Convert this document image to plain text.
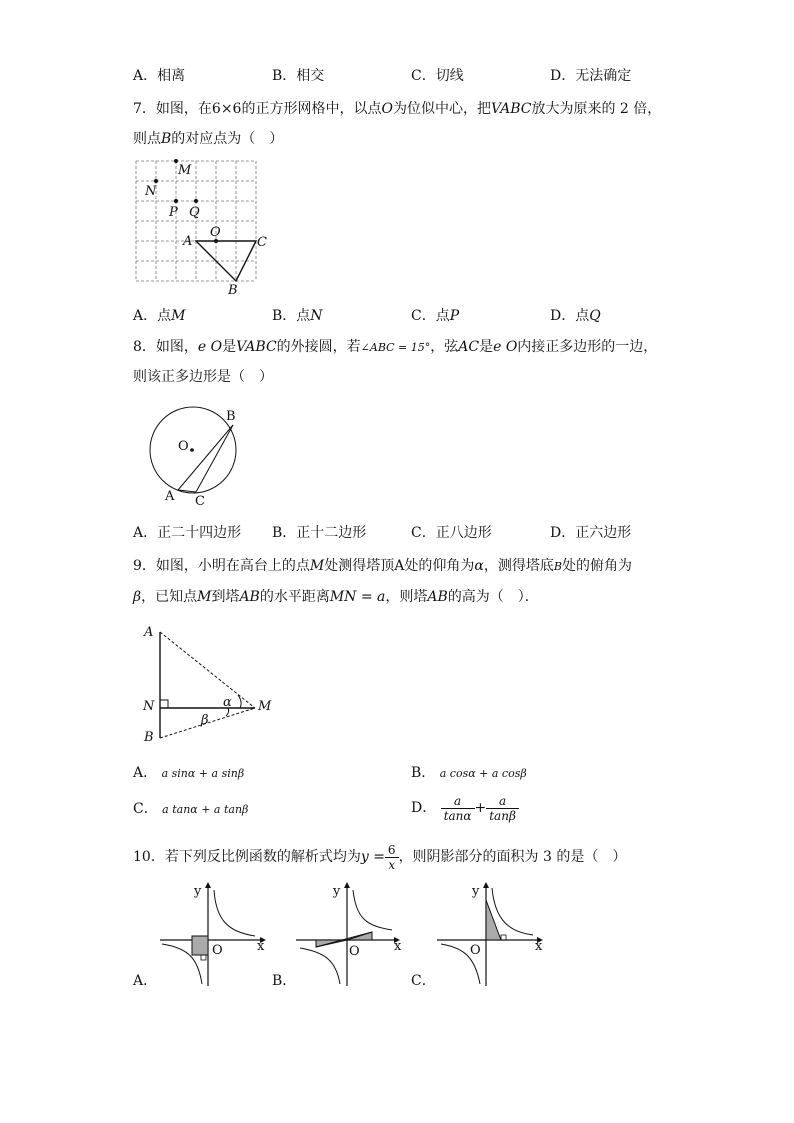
A．相离	B．相交	C．切线	D．无法确定
7．如图，在6×6的正方形网格中，以点O为位似中心，把VABC放大为原来的 2 倍，
则点B的对应点为（　）
M
N
P Q
A
O
C
B
A．点M	B．点N	C．点P	D．点Q
8．如图，e O是VABC的外接圆，若∠ABC = 15°，弦AC是e O内接正多边形的一边，
则该正多边形是（　）
O
B
A C
A．正二十四边形 B．正十二边形	C．正八边形	D．正六边形
9．如图，小明在高台上的点M处测得塔顶A处的仰角为α，测得塔底B处的俯角为
β，已知点M到塔AB的水平距离MN = a，则塔AB的高为（　）．
A
N	M
B
α
β
A． a sinα + a sinβ	B． a cosα + a cosβ
C． a tanα + a tanβ	D． $\frac{a}{\tan\alpha} + \frac{a}{\tan\beta}$
10．若下列反比例函数的解析式均为$y = \frac{6}{x}$ ，则阴影部分的面积为 3 的是（　）
y
x
O
A．
y
x
O
B．
y
x
O
C．
